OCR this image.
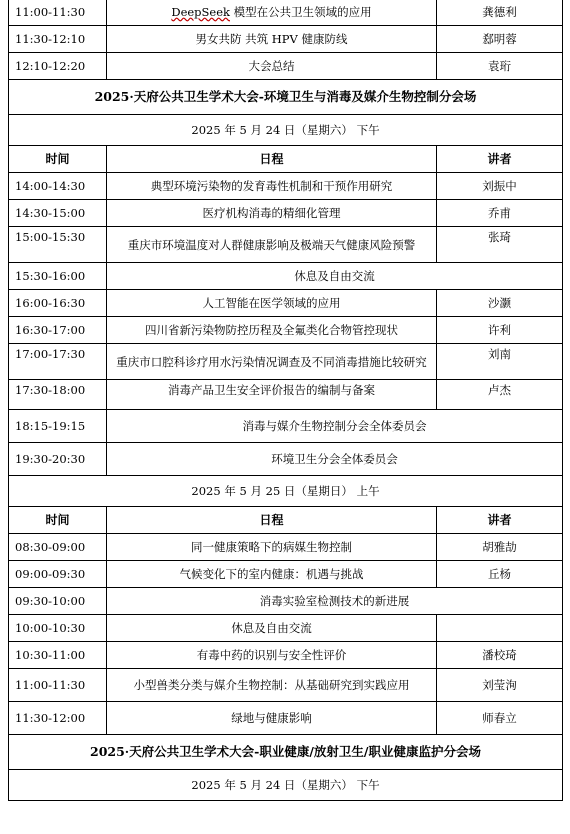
11:00-11:30	DeepSeek 模型在公共卫生领域的应用	龚德利
11:30-12:10	男女共防 共筑 HPV 健康防线	郄明蓉
12:10-12:20	大会总结	袁珩
2025·天府公共卫生学术大会-环境卫生与消毒及媒介生物控制分会场		
2025 年 5 月 24 日（星期六） 下午		
时间	日程	讲者
14:00-14:30	典型环境污染物的发育毒性机制和干预作用研究	刘振中
14:30-15:00	医疗机构消毒的精细化管理	乔甫
15:00-15:30	重庆市环境温度对人群健康影响及极端天气健康风险预警	张琦
15:30-16:00	休息及自由交流	
16:00-16:30	人工智能在医学领域的应用	沙灏
16:30-17:00	四川省新污染物防控历程及全氟类化合物管控现状	许利
17:00-17:30	重庆市口腔科诊疗用水污染情况调查及不同消毒措施比较研究	刘南
17:30-18:00	消毒产品卫生安全评价报告的编制与备案	卢杰
18:15-19:15	消毒与媒介生物控制分会全体委员会	
19:30-20:30	环境卫生分会全体委员会	
2025 年 5 月 25 日（星期日） 上午		
时间	日程	讲者
08:30-09:00	同一健康策略下的病媒生物控制	胡雅劼
09:00-09:30	气候变化下的室内健康：机遇与挑战	丘杨
09:30-10:00	消毒实验室检测技术的新进展	
10:00-10:30	休息及自由交流	
10:30-11:00	有毒中药的识别与安全性评价	潘校琦
11:00-11:30	小型兽类分类与媒介生物控制：从基础研究到实践应用	刘莹洵
11:30-12:00	绿地与健康影响	师春立
2025·天府公共卫生学术大会-职业健康/放射卫生/职业健康监护分会场		
2025 年 5 月 24 日（星期六） 下午		
